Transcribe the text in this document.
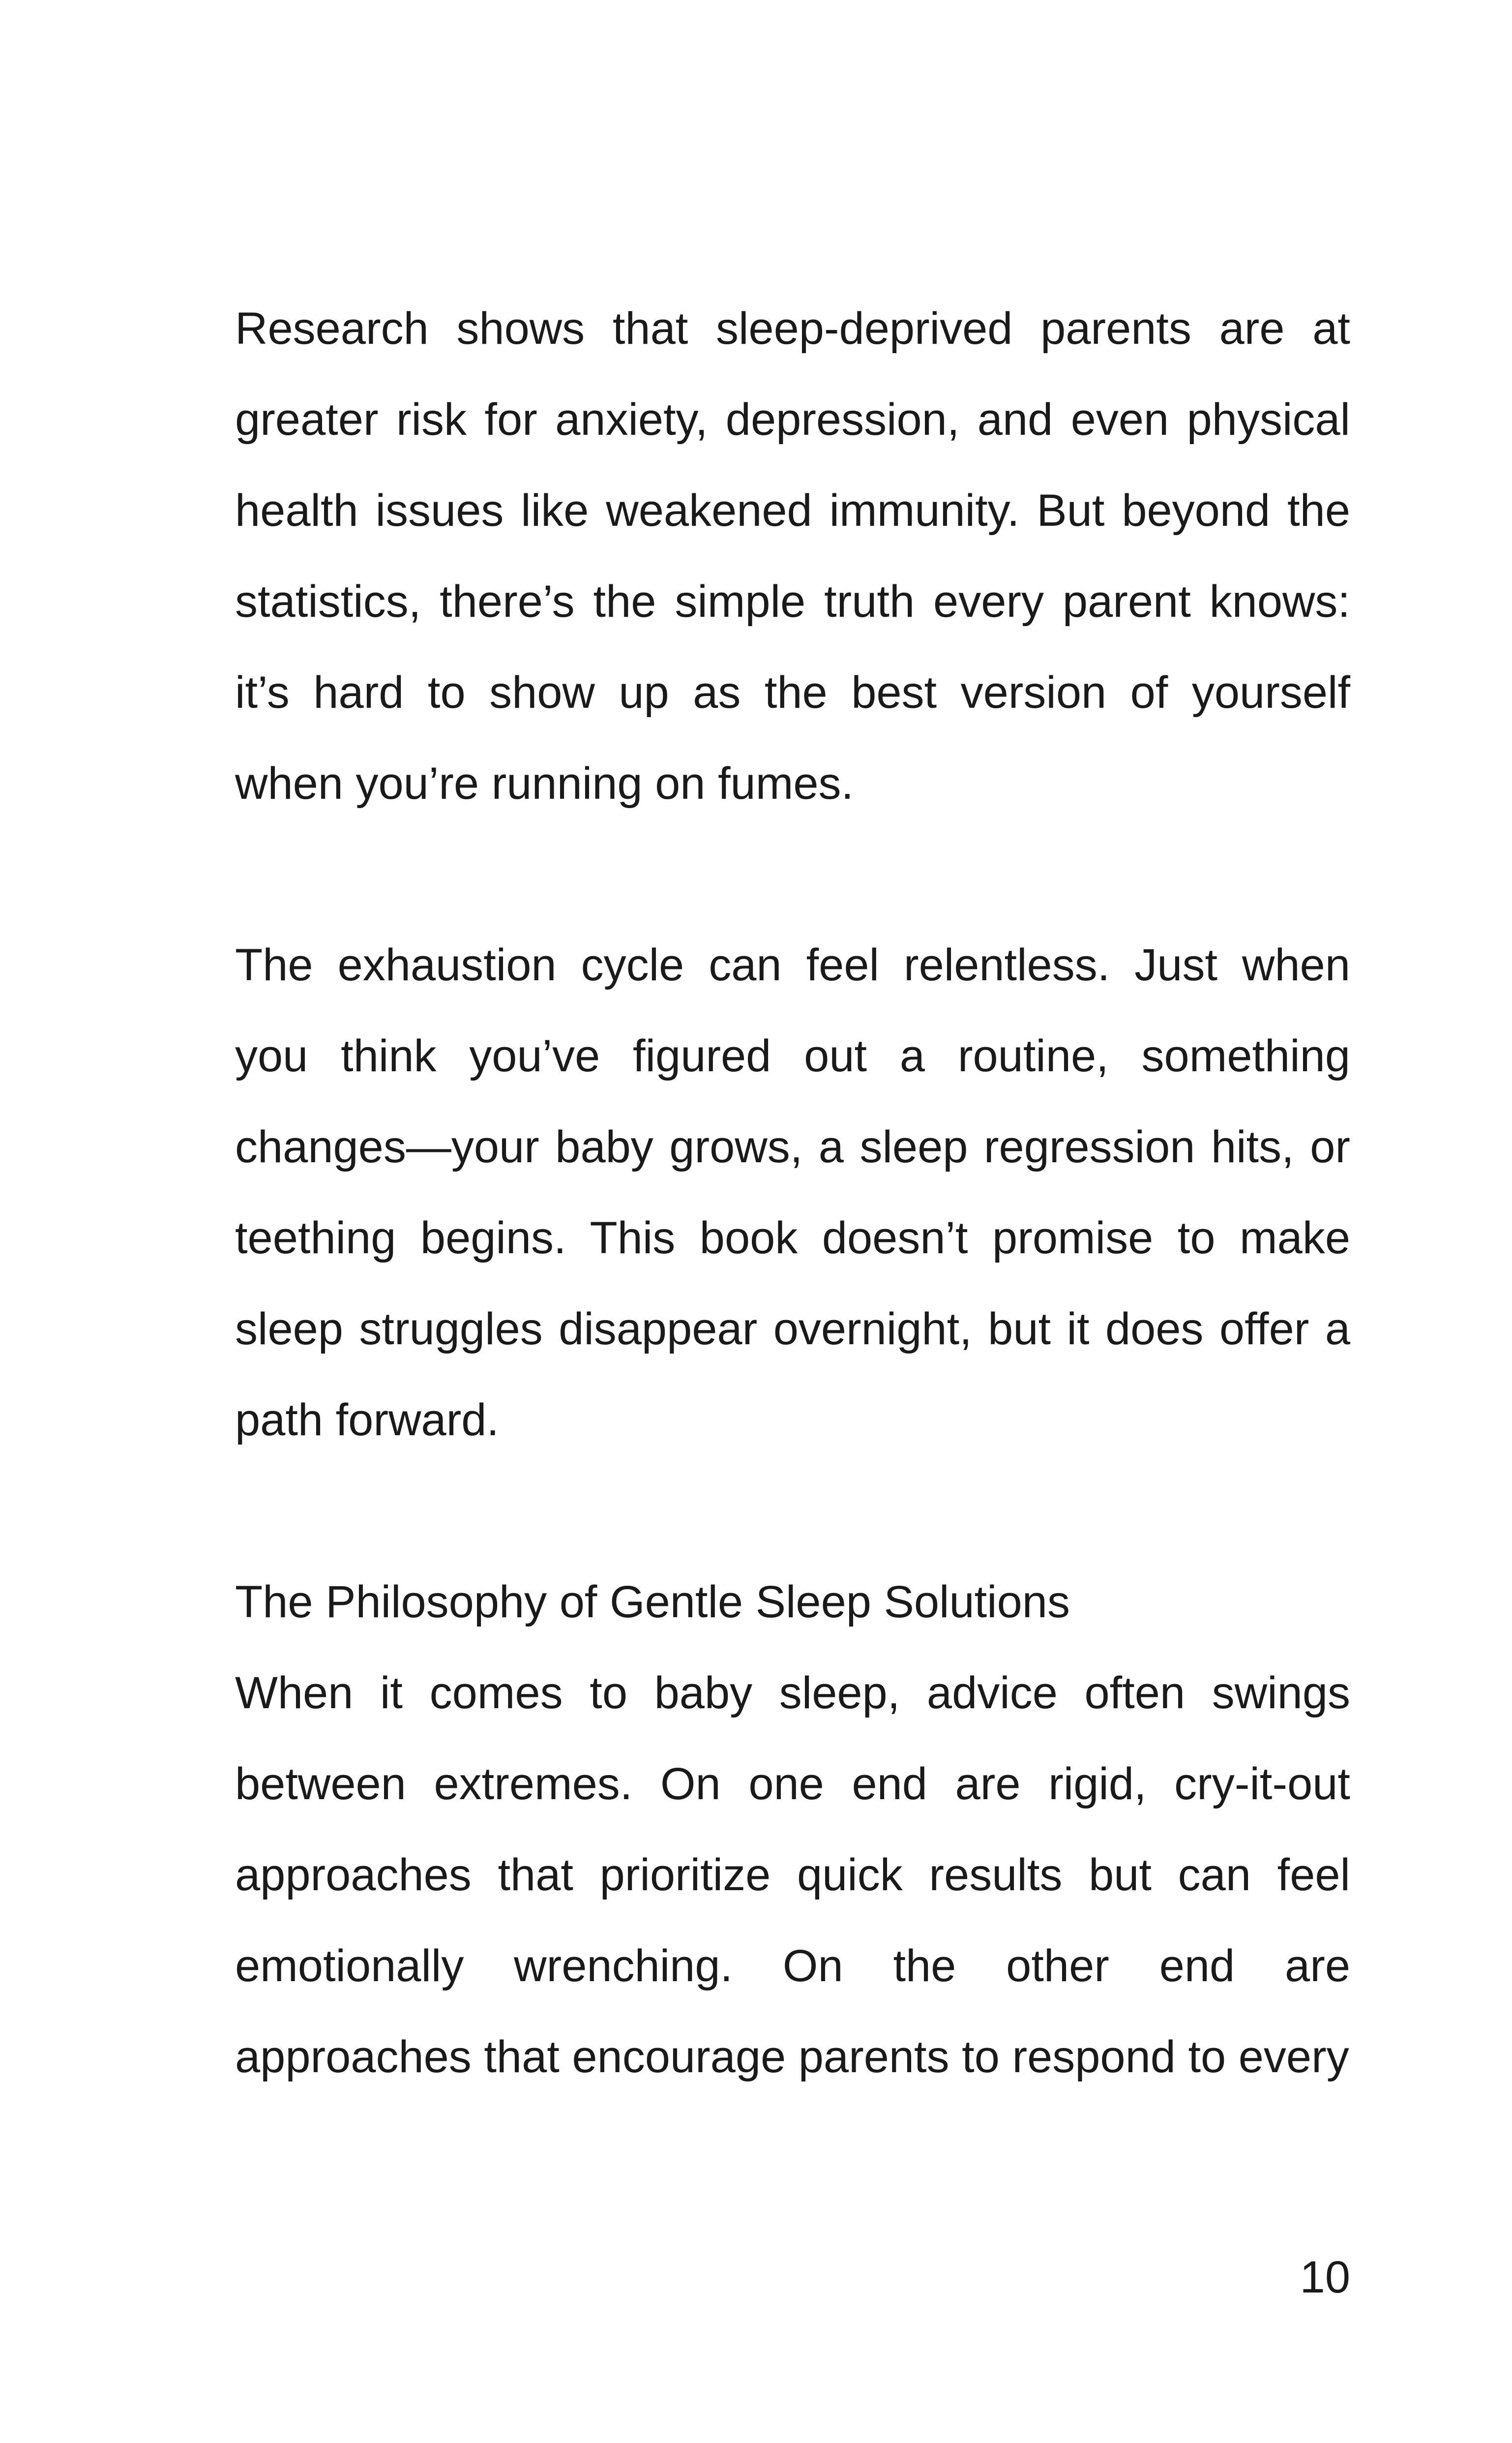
Research shows that sleep-deprived parents are at greater risk for anxiety, depression, and even physical health issues like weakened immunity. But beyond the statistics, there’s the simple truth every parent knows: it’s hard to show up as the best version of yourself when you’re running on fumes.

The exhaustion cycle can feel relentless. Just when you think you’ve figured out a routine, something changes—your baby grows, a sleep regression hits, or teething begins. This book doesn’t promise to make sleep struggles disappear overnight, but it does offer a path forward.

The Philosophy of Gentle Sleep Solutions

When it comes to baby sleep, advice often swings between extremes. On one end are rigid, cry-it-out approaches that prioritize quick results but can feel emotionally wrenching. On the other end are approaches that encourage parents to respond to every

10
